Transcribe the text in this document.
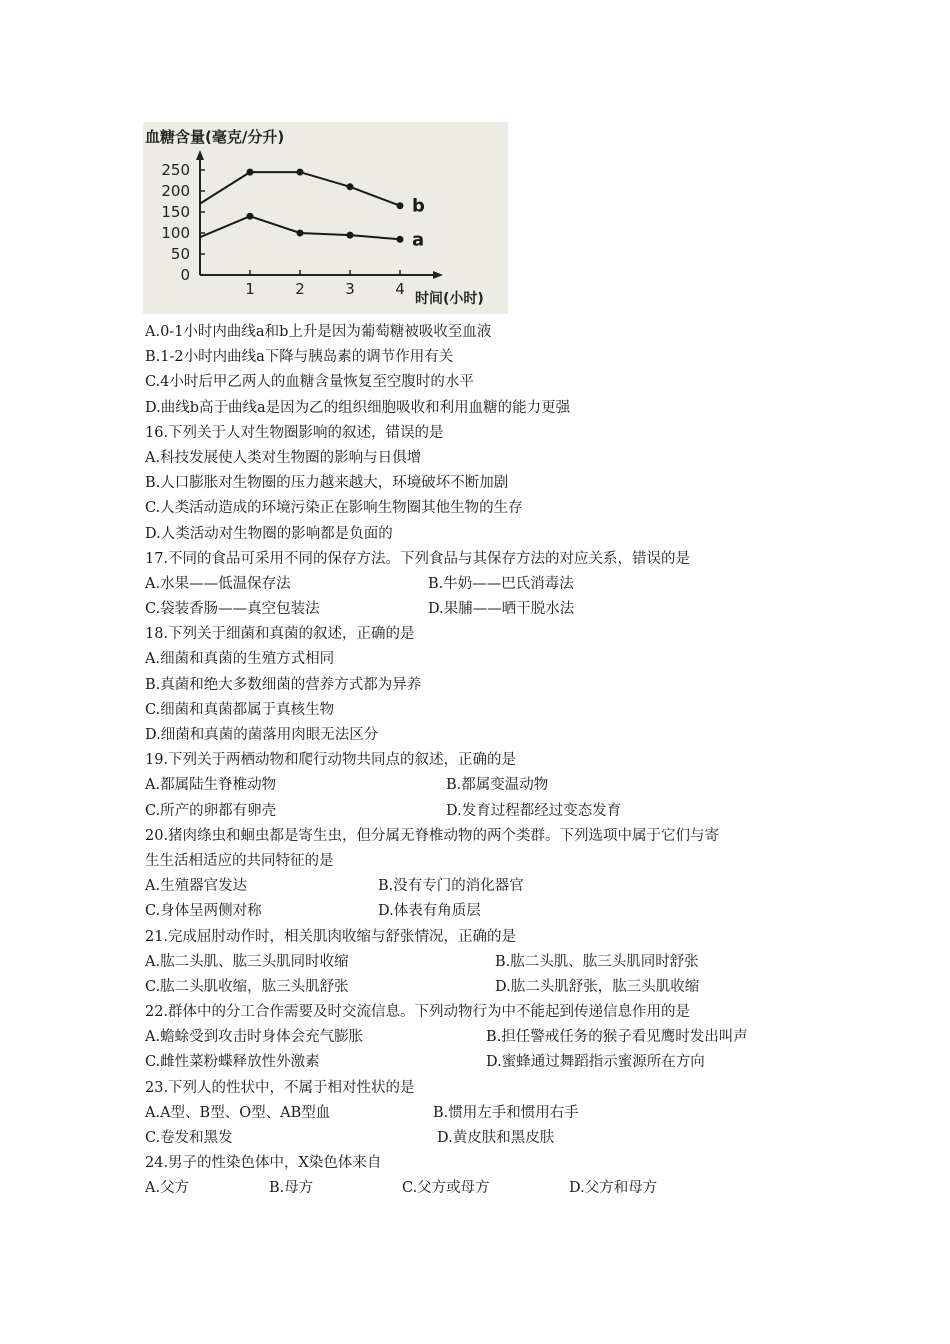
血糖含量(毫克/分升)
时间(小时)
250
200
150
100
50
0
1	2	3	4
b
a
A.0-1小时内曲线a和b上升是因为葡萄糖被吸收至血液
B.1-2小时内曲线a下降与胰岛素的调节作用有关
C.4小时后甲乙两人的血糖含量恢复至空腹时的水平
D.曲线b高于曲线a是因为乙的组织细胞吸收和利用血糖的能力更强
16.下列关于人对生物圈影响的叙述，错误的是
A.科技发展使人类对生物圈的影响与日俱增
B.人口膨胀对生物圈的压力越来越大，环境破坏不断加剧
C.人类活动造成的环境污染正在影响生物圈其他生物的生存
D.人类活动对生物圈的影响都是负面的
17.不同的食品可采用不同的保存方法。下列食品与其保存方法的对应关系，错误的是
A.水果——低温保存法	B.牛奶——巴氏消毒法
C.袋装香肠——真空包装法	D.果脯——晒干脱水法
18.下列关于细菌和真菌的叙述，正确的是
A.细菌和真菌的生殖方式相同
B.真菌和绝大多数细菌的营养方式都为异养
C.细菌和真菌都属于真核生物
D.细菌和真菌的菌落用肉眼无法区分
19.下列关于两栖动物和爬行动物共同点的叙述，正确的是
A.都属陆生脊椎动物	B.都属变温动物
C.所产的卵都有卵壳	D.发育过程都经过变态发育
20.猪肉绦虫和蛔虫都是寄生虫，但分属无脊椎动物的两个类群。下列选项中属于它们与寄
生生活相适应的共同特征的是
A.生殖器官发达	B.没有专门的消化器官
C.身体呈两侧对称	D.体表有角质层
21.完成屈肘动作时，相关肌肉收缩与舒张情况，正确的是
A.肱二头肌、肱三头肌同时收缩	B.肱二头肌、肱三头肌同时舒张
C.肱二头肌收缩，肱三头肌舒张	D.肱二头肌舒张，肱三头肌收缩
22.群体中的分工合作需要及时交流信息。下列动物行为中不能起到传递信息作用的是
A.蟾蜍受到攻击时身体会充气膨胀	B.担任警戒任务的猴子看见鹰时发出叫声
C.雌性菜粉蝶释放性外激素	D.蜜蜂通过舞蹈指示蜜源所在方向
23.下列人的性状中，不属于相对性状的是
A.A型、B型、O型、AB型血	B.惯用左手和惯用右手
C.卷发和黑发	D.黄皮肤和黑皮肤
24.男子的性染色体中，X染色体来自
A.父方	B.母方	C.父方或母方	D.父方和母方
